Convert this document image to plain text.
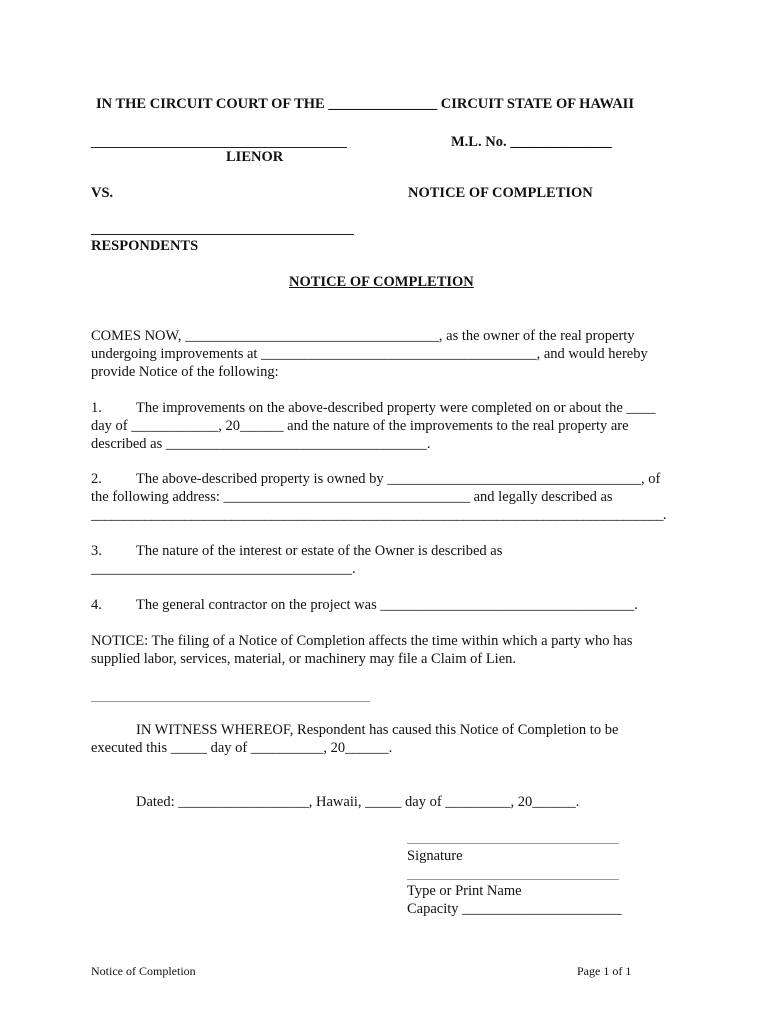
IN THE CIRCUIT COURT OF THE _______________ CIRCUIT STATE OF HAWAII
M.L. No. ______________
LIENOR
VS.	NOTICE OF COMPLETION
RESPONDENTS
NOTICE OF COMPLETION
COMES NOW, ___________________________________, as the owner of the real property
undergoing improvements at ______________________________________, and would hereby
provide Notice of the following:
1. The improvements on the above-described property were completed on or about the ____
day of ____________, 20______ and the nature of the improvements to the real property are
described as ____________________________________.
2. The above-described property is owned by ___________________________________, of
the following address: __________________________________ and legally described as
______________________________________________________________________________________.
3. The nature of the interest or estate of the Owner is described as
____________________________________.
4. The general contractor on the project was ___________________________________.
NOTICE: The filing of a Notice of Completion affects the time within which a party who has
supplied labor, services, material, or machinery may file a Claim of Lien.
IN WITNESS WHEREOF, Respondent has caused this Notice of Completion to be
executed this _____ day of __________, 20______.
Dated: __________________, Hawaii, _____ day of _________, 20______.
Signature
Type or Print Name
Capacity ______________________
Notice of Completion	Page 1 of 1
